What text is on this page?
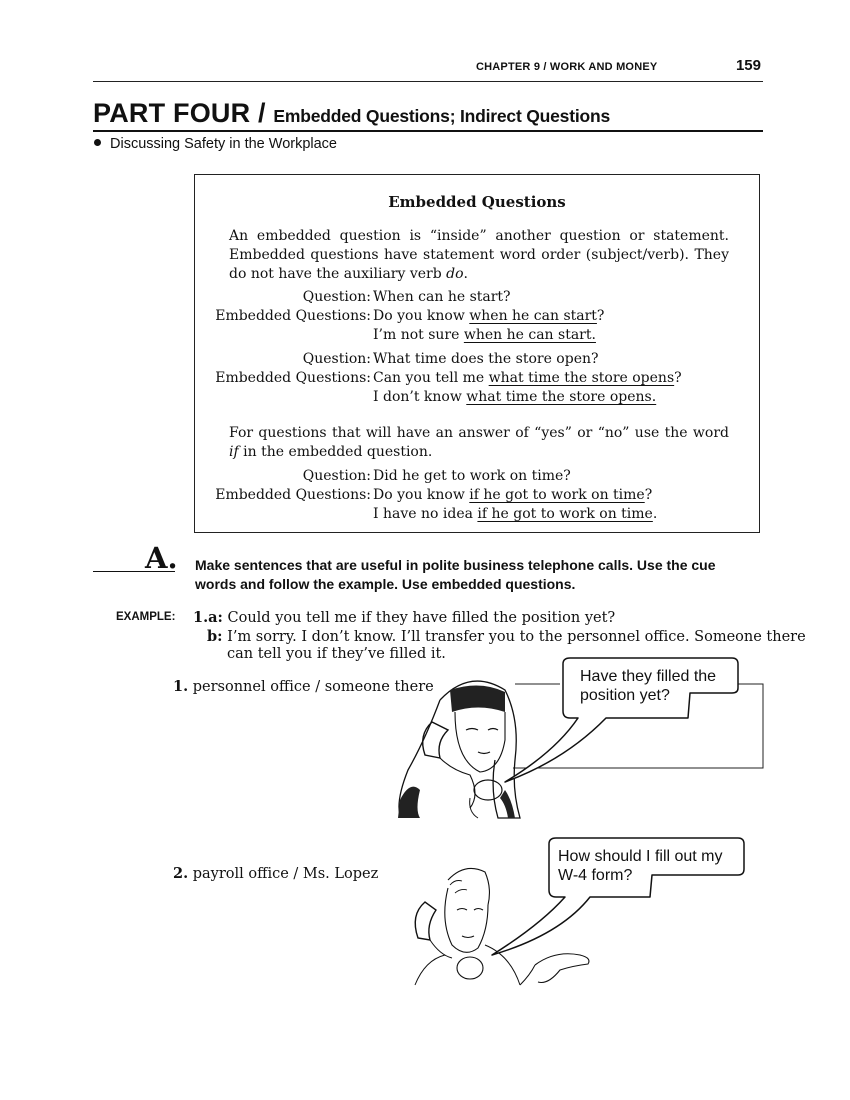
CHAPTER 9 / WORK AND MONEY	159
PART FOUR / Embedded Questions; Indirect Questions
Discussing Safety in the Workplace
Embedded Questions
An embedded question is “inside” another question or statement. Embedded questions have statement word order (subject/verb). They do not have the auxiliary verb do.
Question: When can he start?
Embedded Questions: Do you know when he can start?
I’m not sure when he can start.
Question: What time does the store open?
Embedded Questions: Can you tell me what time the store opens?
I don’t know what time the store opens.
For questions that will have an answer of “yes” or “no” use the word if in the embedded question.
Question: Did he get to work on time?
Embedded Questions: Do you know if he got to work on time?
I have no idea if he got to work on time.
A. Make sentences that are useful in polite business telephone calls. Use the cue words and follow the example. Use embedded questions.
EXAMPLE: 1.a: Could you tell me if they have filled the position yet?
b: I’m sorry. I don’t know. I’ll transfer you to the personnel office. Someone there
can tell you if they’ve filled it.
1. personnel office / someone there
Have they filled the
position yet?
2. payroll office / Ms. Lopez
How should I fill out my
W-4 form?
